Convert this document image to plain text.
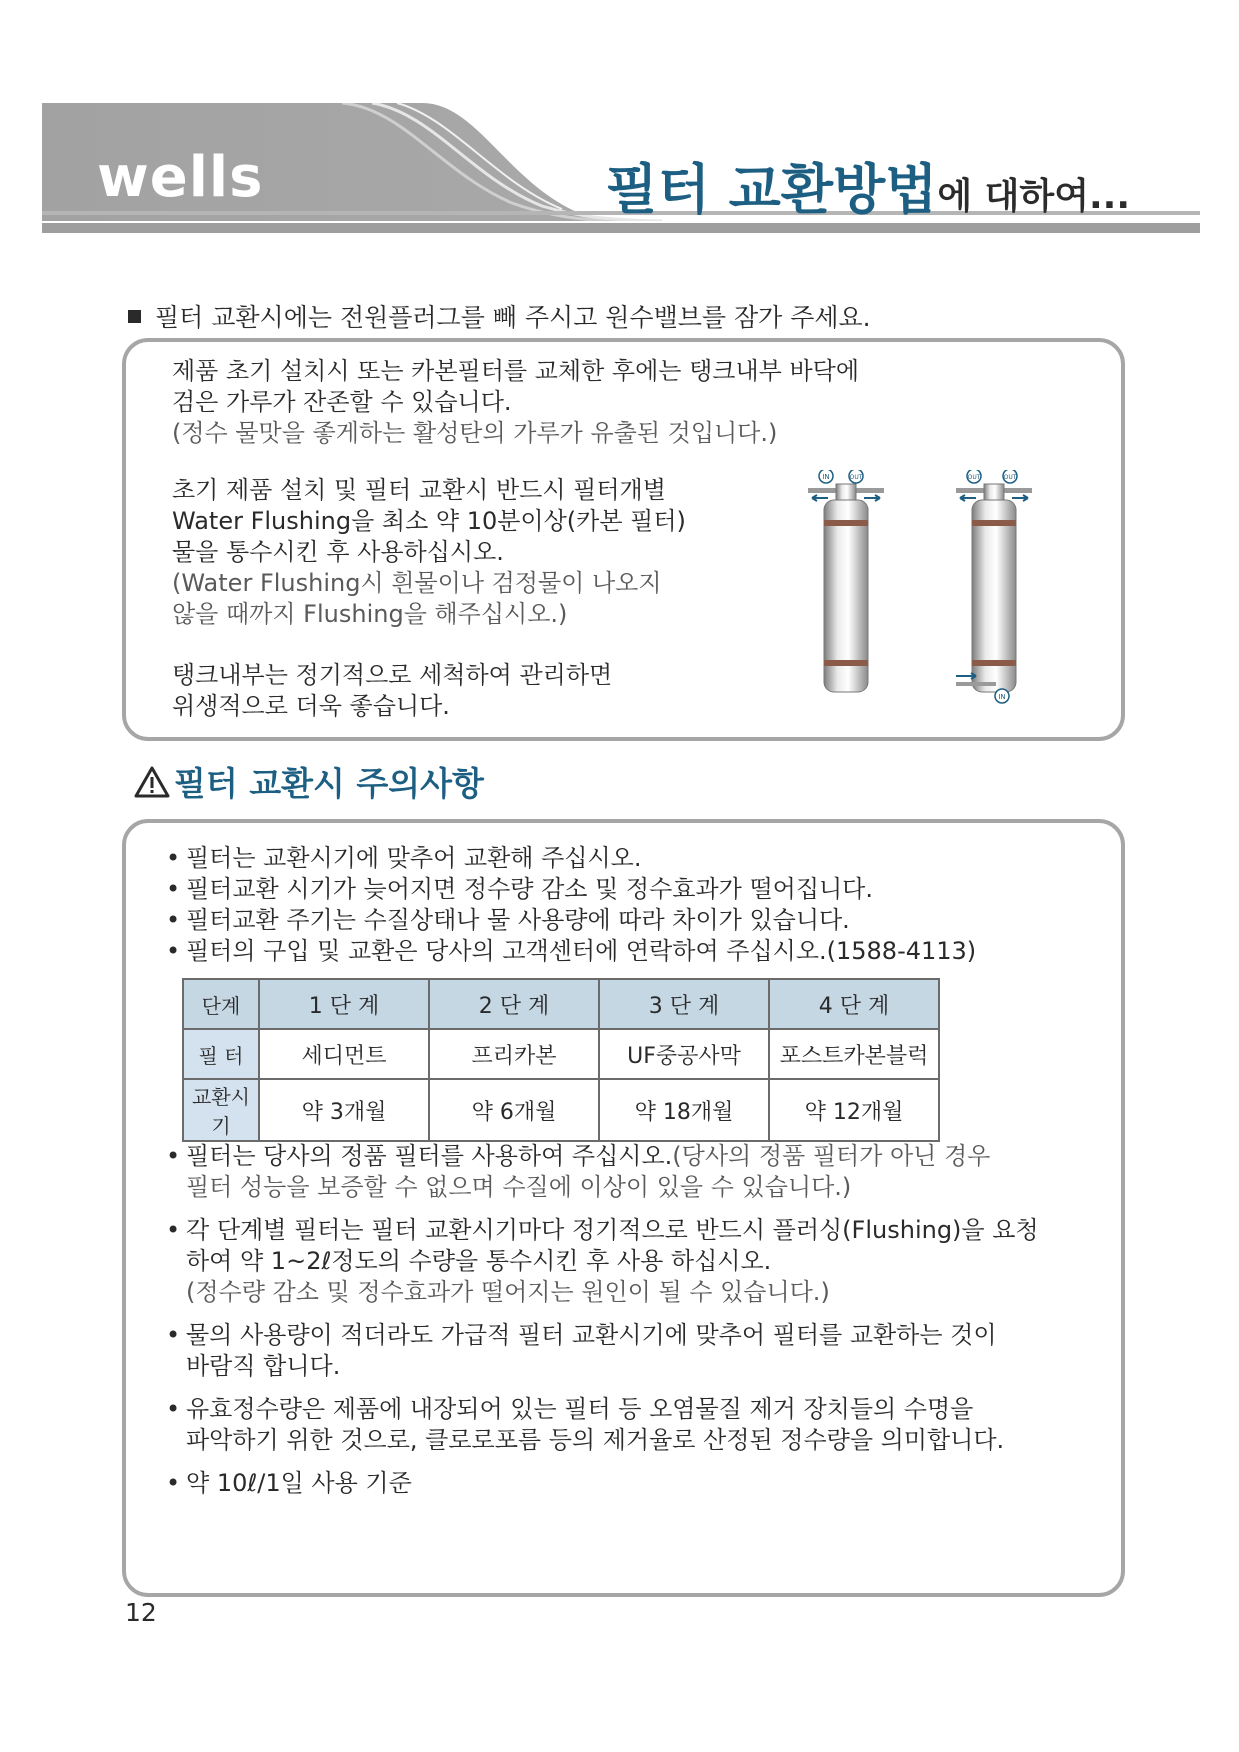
wells	필터 교환방법에 대하여...
필터 교환시에는 전원플러그를 빼 주시고 원수밸브를 잠가 주세요.
제품 초기 설치시 또는 카본필터를 교체한 후에는 탱크내부 바닥에
검은 가루가 잔존할 수 있습니다.
(정수 물맛을 좋게하는 활성탄의 가루가 유출된 것입니다.)
초기 제품 설치 및 필터 교환시 반드시 필터개별
Water Flushing을 최소 약 10분이상(카본 필터)
물을 통수시킨 후 사용하십시오.
(Water Flushing시 흰물이나 검정물이 나오지
않을 때까지 Flushing을 해주십시오.)
탱크내부는 정기적으로 세척하여 관리하면
위생적으로 더욱 좋습니다.
IN	OUT	OUT	OUT
IN
필터 교환시 주의사항
• 필터는 교환시기에 맞추어 교환해 주십시오.
• 필터교환 시기가 늦어지면 정수량 감소 및 정수효과가 떨어집니다.
• 필터교환 주기는 수질상태나 물 사용량에 따라 차이가 있습니다.
• 필터의 구입 및 교환은 당사의 고객센터에 연락하여 주십시오.(1588-4113)
단계	1 단 계	2 단 계	3 단 계	4 단 계
필 터	세디먼트	프리카본	UF중공사막	포스트카본블럭
교환시기	약 3개월	약 6개월	약 18개월	약 12개월
• 필터는 당사의 정품 필터를 사용하여 주십시오.(당사의 정품 필터가 아닌 경우
필터 성능을 보증할 수 없으며 수질에 이상이 있을 수 있습니다.)
• 각 단계별 필터는 필터 교환시기마다 정기적으로 반드시 플러싱(Flushing)을 요청
하여 약 1~2ℓ정도의 수량을 통수시킨 후 사용 하십시오.
(정수량 감소 및 정수효과가 떨어지는 원인이 될 수 있습니다.)
• 물의 사용량이 적더라도 가급적 필터 교환시기에 맞추어 필터를 교환하는 것이
바람직 합니다.
• 유효정수량은 제품에 내장되어 있는 필터 등 오염물질 제거 장치들의 수명을
파악하기 위한 것으로, 클로로포름 등의 제거율로 산정된 정수량을 의미합니다.
• 약 10ℓ/1일 사용 기준
12
